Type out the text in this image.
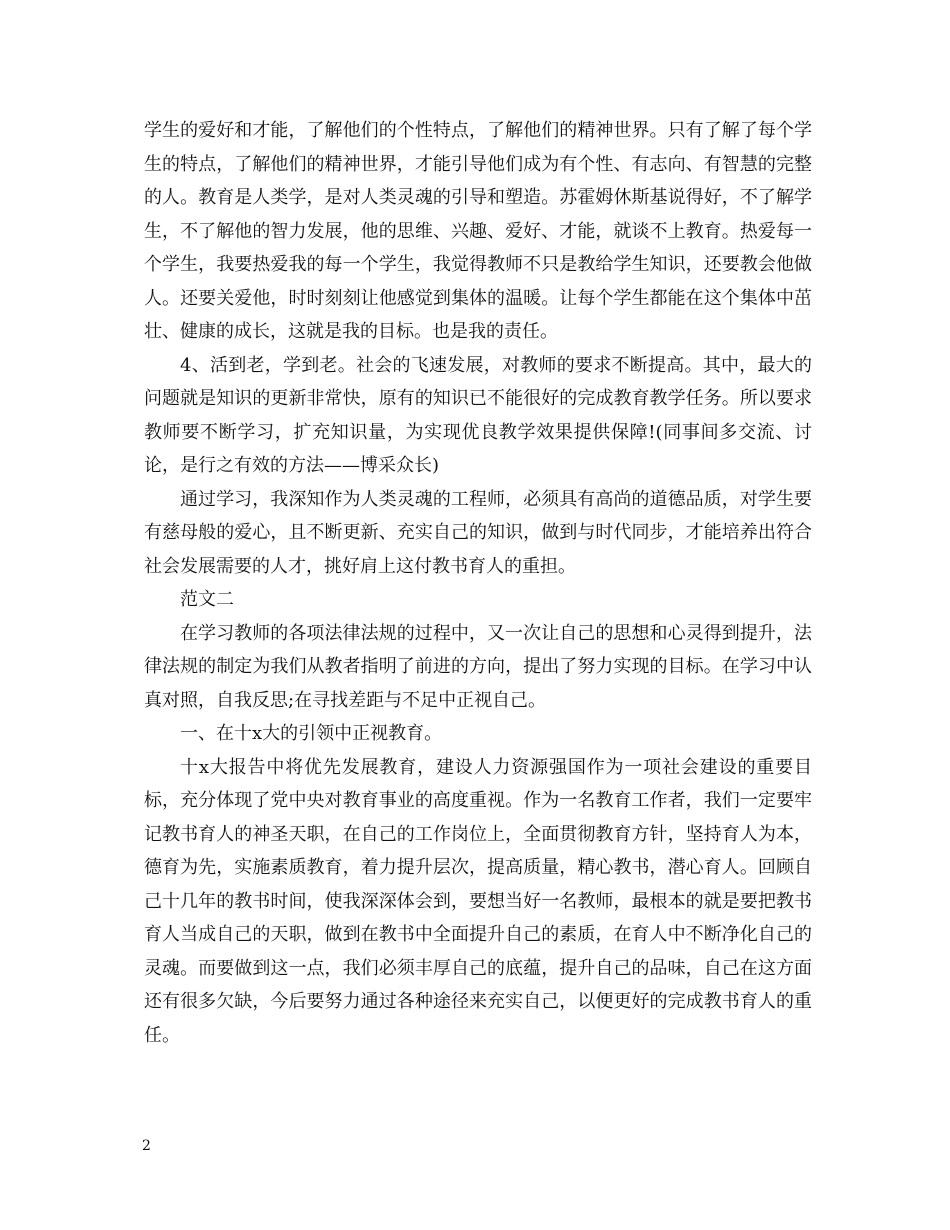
学生的爱好和才能，了解他们的个性特点，了解他们的精神世界。只有了解了每个学生的特点，了解他们的精神世界，才能引导他们成为有个性、有志向、有智慧的完整的人。教育是人类学，是对人类灵魂的引导和塑造。苏霍姆休斯基说得好，不了解学生，不了解他的智力发展，他的思维、兴趣、爱好、才能，就谈不上教育。热爱每一个学生，我要热爱我的每一个学生，我觉得教师不只是教给学生知识，还要教会他做人。还要关爱他，时时刻刻让他感觉到集体的温暖。让每个学生都能在这个集体中茁壮、健康的成长，这就是我的目标。也是我的责任。

4、活到老，学到老。社会的飞速发展，对教师的要求不断提高。其中，最大的问题就是知识的更新非常快，原有的知识已不能很好的完成教育教学任务。所以要求教师要不断学习，扩充知识量，为实现优良教学效果提供保障!(同事间多交流、讨论，是行之有效的方法——博采众长)

通过学习，我深知作为人类灵魂的工程师，必须具有高尚的道德品质，对学生要有慈母般的爱心，且不断更新、充实自己的知识，做到与时代同步，才能培养出符合社会发展需要的人才，挑好肩上这付教书育人的重担。

范文二

在学习教师的各项法律法规的过程中，又一次让自己的思想和心灵得到提升，法律法规的制定为我们从教者指明了前进的方向，提出了努力实现的目标。在学习中认真对照，自我反思;在寻找差距与不足中正视自己。

一、在十x大的引领中正视教育。

十x大报告中将优先发展教育，建设人力资源强国作为一项社会建设的重要目标，充分体现了党中央对教育事业的高度重视。作为一名教育工作者，我们一定要牢记教书育人的神圣天职，在自己的工作岗位上，全面贯彻教育方针，坚持育人为本，德育为先，实施素质教育，着力提升层次，提高质量，精心教书，潜心育人。回顾自己十几年的教书时间，使我深深体会到，要想当好一名教师，最根本的就是要把教书育人当成自己的天职，做到在教书中全面提升自己的素质，在育人中不断净化自己的灵魂。而要做到这一点，我们必须丰厚自己的底蕴，提升自己的品味，自己在这方面还有很多欠缺，今后要努力通过各种途径来充实自己，以便更好的完成教书育人的重任。

2
